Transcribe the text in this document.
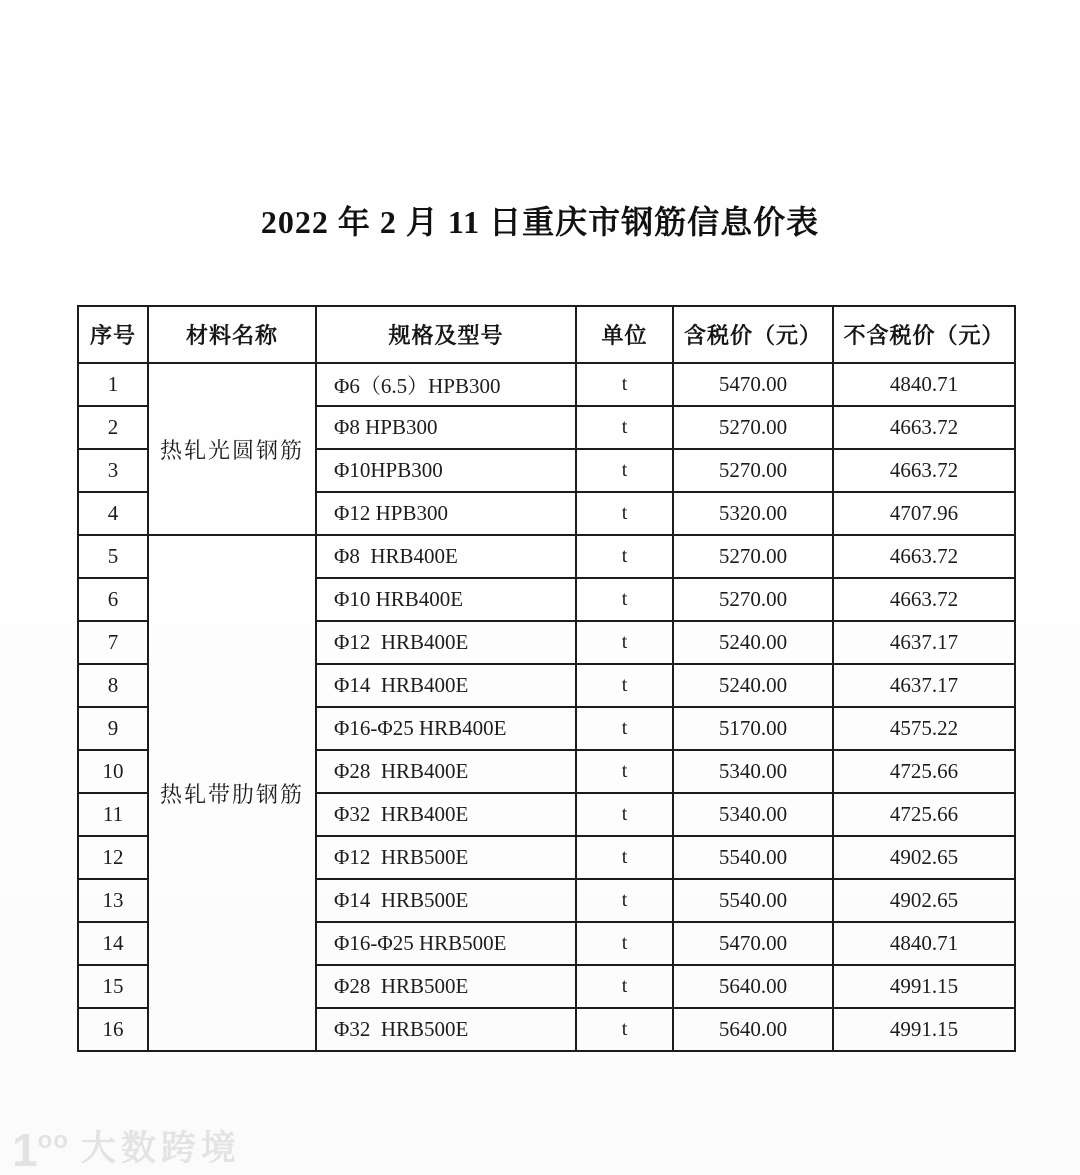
2022 年 2 月 11 日重庆市钢筋信息价表
序号	材料名称	规格及型号	单位	含税价（元）	不含税价（元）
1	热轧光圆钢筋	Φ6（6.5）HPB300	t	5470.00	4840.71
2		Φ8 HPB300	t	5270.00	4663.72
3		Φ10HPB300	t	5270.00	4663.72
4		Φ12 HPB300	t	5320.00	4707.96
5	热轧带肋钢筋	Φ8  HRB400E	t	5270.00	4663.72
6		Φ10 HRB400E	t	5270.00	4663.72
7		Φ12  HRB400E	t	5240.00	4637.17
8		Φ14  HRB400E	t	5240.00	4637.17
9		Φ16-Φ25 HRB400E	t	5170.00	4575.22
10		Φ28  HRB400E	t	5340.00	4725.66
11		Φ32  HRB400E	t	5340.00	4725.66
12		Φ12  HRB500E	t	5540.00	4902.65
13		Φ14  HRB500E	t	5540.00	4902.65
14		Φ16-Φ25 HRB500E	t	5470.00	4840.71
15		Φ28  HRB500E	t	5640.00	4991.15
16		Φ32  HRB500E	t	5640.00	4991.15
$1^{oo}$ 大数跨境
